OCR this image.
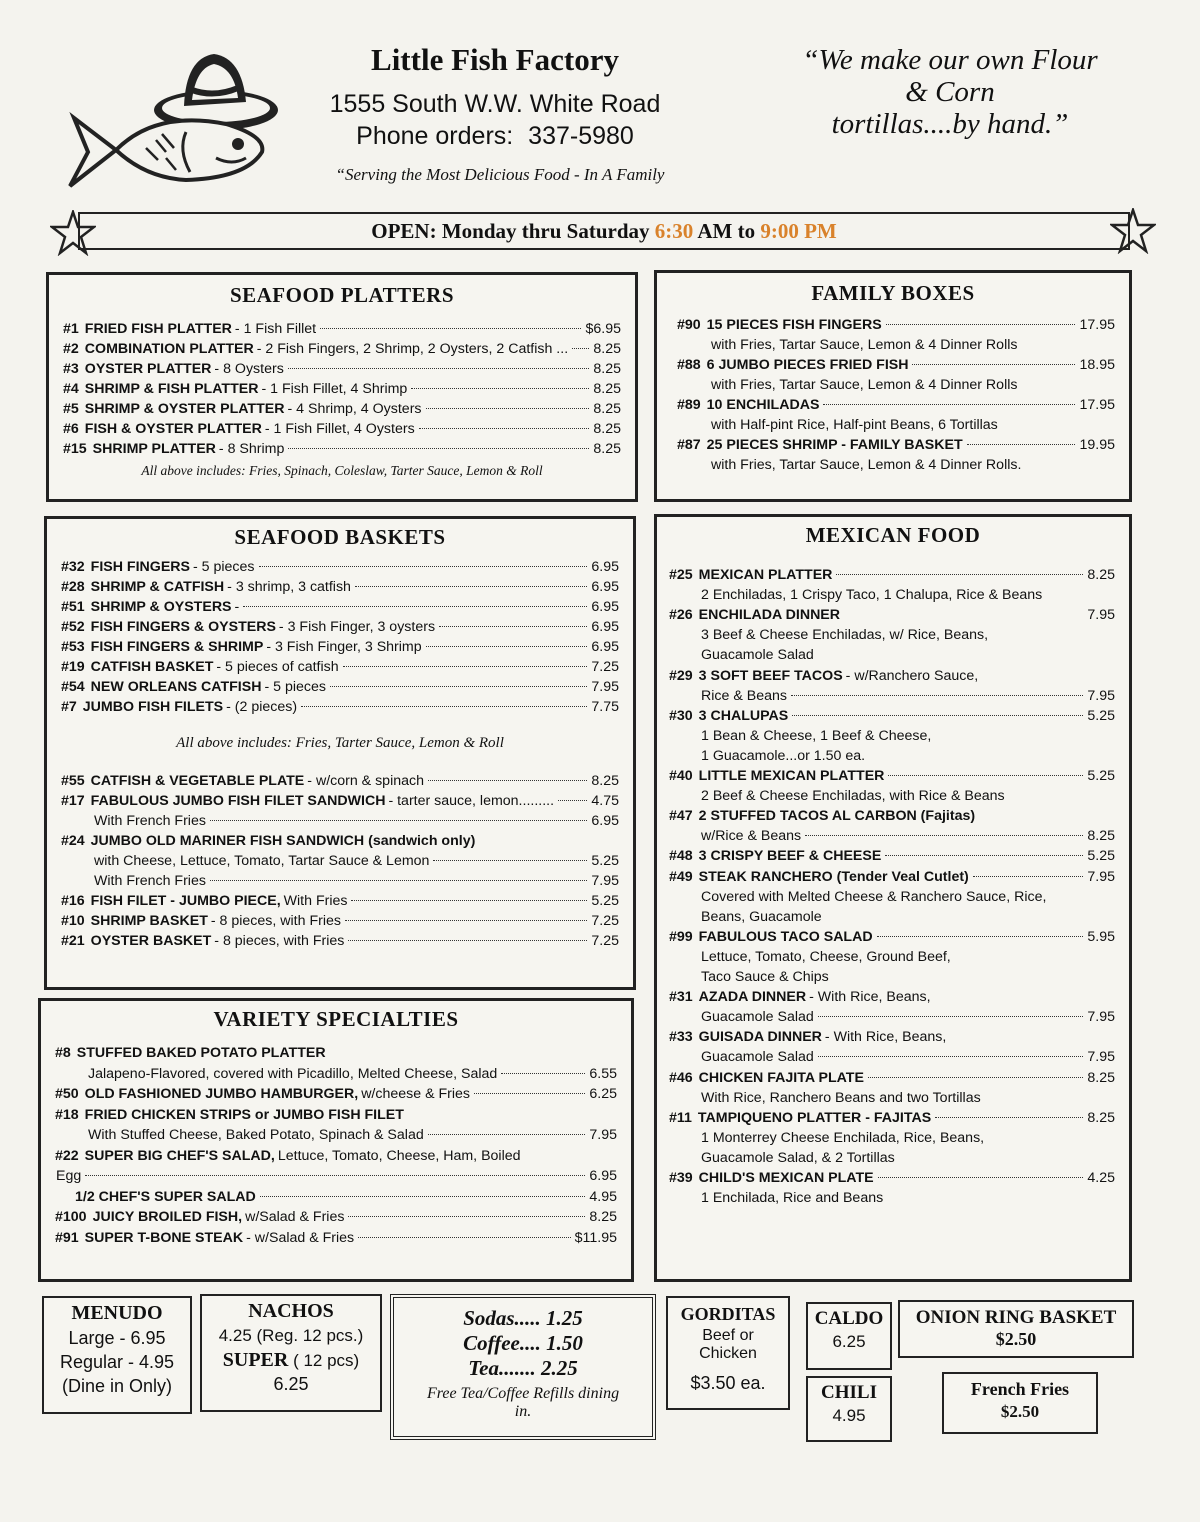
Little Fish Factory
1555 South W.W. White Road
Phone orders: 337-5980
“Serving the Most Delicious Food - In A Family
“We make our own Flour
& Corn
tortillas....by hand.”
OPEN: Monday thru Saturday 6:30 AM to 9:00 PM
SEAFOOD PLATTERS
#1 FRIED FISH PLATTER - 1 Fish Fillet	$6.95
#2 COMBINATION PLATTER - 2 Fish Fingers, 2 Shrimp, 2 Oysters, 2 Catfish ... 8.25
#3 OYSTER PLATTER - 8 Oysters	8.25
#4 SHRIMP & FISH PLATTER - 1 Fish Fillet, 4 Shrimp	8.25
#5 SHRIMP & OYSTER PLATTER - 4 Shrimp, 4 Oysters	8.25
#6 FISH & OYSTER PLATTER - 1 Fish Fillet, 4 Oysters	8.25
#15 SHRIMP PLATTER - 8 Shrimp	8.25
All above includes: Fries, Spinach, Coleslaw, Tarter Sauce, Lemon & Roll
FAMILY BOXES
#90 15 PIECES FISH FINGERS	17.95
with Fries, Tartar Sauce, Lemon & 4 Dinner Rolls
#88 6 JUMBO PIECES FRIED FISH	18.95
with Fries, Tartar Sauce, Lemon & 4 Dinner Rolls
#89 10 ENCHILADAS	17.95
with Half-pint Rice, Half-pint Beans, 6 Tortillas
#87 25 PIECES SHRIMP - FAMILY BASKET	19.95
with Fries, Tartar Sauce, Lemon & 4 Dinner Rolls.
SEAFOOD BASKETS
#32 FISH FINGERS - 5 pieces	6.95
#28 SHRIMP & CATFISH - 3 shrimp, 3 catfish	6.95
#51 SHRIMP & OYSTERS -	6.95
#52 FISH FINGERS & OYSTERS - 3 Fish Finger, 3 oysters	6.95
#53 FISH FINGERS & SHRIMP - 3 Fish Finger, 3 Shrimp	6.95
#19 CATFISH BASKET - 5 pieces of catfish	7.25
#54 NEW ORLEANS CATFISH - 5 pieces	7.95
#7 JUMBO FISH FILETS - (2 pieces)	7.75
All above includes: Fries, Tarter Sauce, Lemon & Roll
#55 CATFISH & VEGETABLE PLATE - w/corn & spinach	8.25
#17 FABULOUS JUMBO FISH FILET SANDWICH - tarter sauce, lemon.........	4.75
With French Fries	6.95
#24 JUMBO OLD MARINER FISH SANDWICH (sandwich only)
with Cheese, Lettuce, Tomato, Tartar Sauce & Lemon	5.25
With French Fries	7.95
#16 FISH FILET - JUMBO PIECE, With Fries	5.25
#10 SHRIMP BASKET - 8 pieces, with Fries	7.25
#21 OYSTER BASKET - 8 pieces, with Fries	7.25
VARIETY SPECIALTIES
#8 STUFFED BAKED POTATO PLATTER
Jalapeno-Flavored, covered with Picadillo, Melted Cheese, Salad	6.55
#50 OLD FASHIONED JUMBO HAMBURGER, w/cheese & Fries	6.25
#18 FRIED CHICKEN STRIPS or JUMBO FISH FILET
With Stuffed Cheese, Baked Potato, Spinach & Salad	7.95
#22 SUPER BIG CHEF'S SALAD, Lettuce, Tomato, Cheese, Ham, Boiled
Egg	6.95
1/2 CHEF'S SUPER SALAD	4.95
#100 JUICY BROILED FISH, w/Salad & Fries	8.25
#91 SUPER T-BONE STEAK - w/Salad & Fries	$11.95
MEXICAN FOOD
#25 MEXICAN PLATTER	8.25
2 Enchiladas, 1 Crispy Taco, 1 Chalupa, Rice & Beans
#26 ENCHILADA DINNER	7.95
3 Beef & Cheese Enchiladas, w/ Rice, Beans,
Guacamole Salad
#29 3 SOFT BEEF TACOS - w/Ranchero Sauce,
Rice & Beans	7.95
#30 3 CHALUPAS	5.25
1 Bean & Cheese, 1 Beef & Cheese,
1 Guacamole...or 1.50 ea.
#40 LITTLE MEXICAN PLATTER	5.25
2 Beef & Cheese Enchiladas, with Rice & Beans
#47 2 STUFFED TACOS AL CARBON (Fajitas)
w/Rice & Beans	8.25
#48 3 CRISPY BEEF & CHEESE	5.25
#49 STEAK RANCHERO (Tender Veal Cutlet)	7.95
Covered with Melted Cheese & Ranchero Sauce, Rice,
Beans, Guacamole
#99 FABULOUS TACO SALAD	5.95
Lettuce, Tomato, Cheese, Ground Beef,
Taco Sauce & Chips
#31 AZADA DINNER - With Rice, Beans,
Guacamole Salad	7.95
#33 GUISADA DINNER - With Rice, Beans,
Guacamole Salad	7.95
#46 CHICKEN FAJITA PLATE	8.25
With Rice, Ranchero Beans and two Tortillas
#11 TAMPIQUENO PLATTER - FAJITAS	8.25
1 Monterrey Cheese Enchilada, Rice, Beans,
Guacamole Salad, & 2 Tortillas
#39 CHILD'S MEXICAN PLATE	4.25
1 Enchilada, Rice and Beans
MENUDO
Large - 6.95
Regular - 4.95
(Dine in Only)
NACHOS
4.25 (Reg. 12 pcs.)
SUPER ( 12 pcs)
6.25
Sodas..... 1.25
Coffee.... 1.50
Tea....... 2.25
Free Tea/Coffee Refills dining
in.
GORDITAS
Beef or
Chicken
$3.50 ea.
CALDO
6.25
CHILI
4.95
ONION RING BASKET
$2.50
French Fries
$2.50
